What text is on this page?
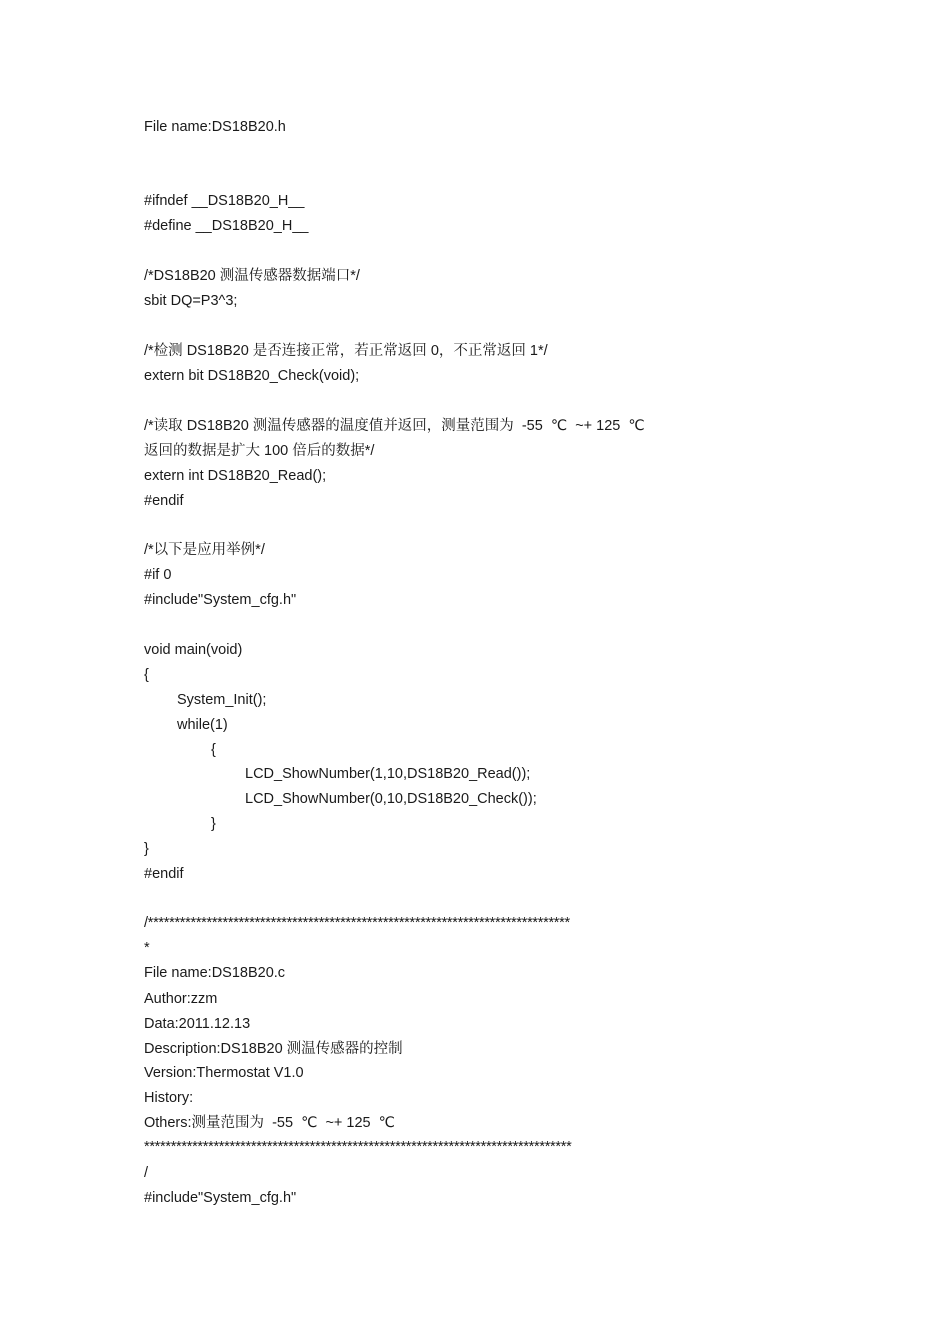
File name:DS18B20.h
#ifndef __DS18B20_H__
#define __DS18B20_H__
/*DS18B20 测温传感器数据端口*/
sbit DQ=P3^3;
/*检测 DS18B20 是否连接正常，若正常返回 0，不正常返回 1*/
extern bit DS18B20_Check(void);
/*读取 DS18B20 测温传感器的温度值并返回，测量范围为  -55  ℃  ~+ 125  ℃
返回的数据是扩大 100 倍后的数据*/
extern int DS18B20_Read();
#endif
/*以下是应用举例*/
#if 0
#include"System_cfg.h"
void main(void)
{
System_Init();
while(1)
{
LCD_ShowNumber(1,10,DS18B20_Read());
LCD_ShowNumber(0,10,DS18B20_Check());
}
}
#endif
/*******************************************************************************
*
File name:DS18B20.c
Author:zzm
Data:2011.12.13
Description:DS18B20 测温传感器的控制
Version:Thermostat V1.0
History:
Others:测量范围为  -55  ℃  ~+ 125  ℃
********************************************************************************
/
#include"System_cfg.h"
